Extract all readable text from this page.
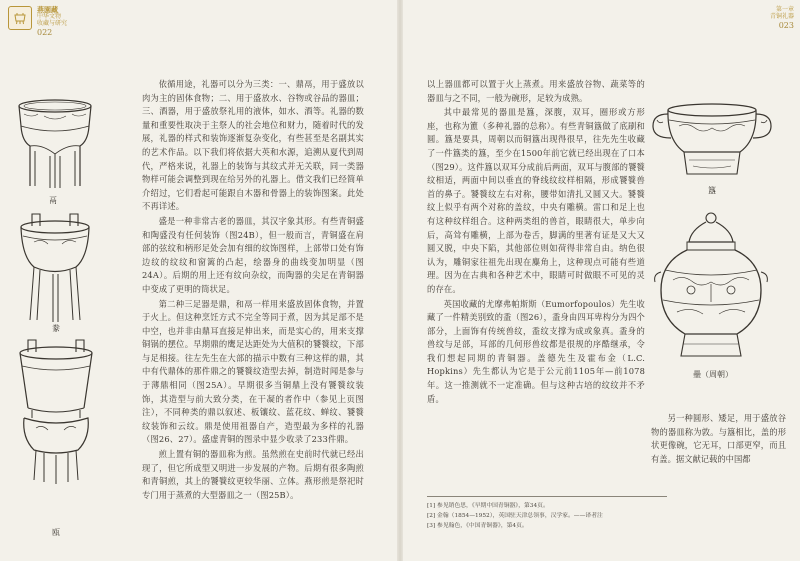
燕園藏
中华文物
收藏与研究
022
鬲
豢
瓯

依循用途，礼器可以分为三类：一、鼎鬲，用于盛放以肉为主的固体食物；二、用于盛放水、谷物或谷品的器皿；三、酒器，用于盛放祭礼用的液体，如水、酒等。礼器的数量和重要性取决于主祭人的社会地位和财力，随着时代的发展，礼器的样式和装饰逐渐复杂变化，有些甚至是名副其实的艺术作品。以下我们将依据大英和水源，追溯从夏代到周代，严格来说，礼器上的装饰与其纹式并无关联，同一类器物样可能会调整到现在给另外的礼器上。借文我们已经简单介绍过，它们看起可能跟自木器和骨器上的装饰图案。此处不再详述。

盛是一种非常古老的器皿，其汉字象其形。有些青铜盛和陶盛没有任何装饰（图24B），但一般而言，青铜盛在肩部的弦纹和柄形足处会加有细的纹饰图样，上部带口处有饰边纹的纹纹和窗篱的凸起，绘器身的曲线变加明显（图24A）。后期的用上还有纹向杂纹，而陶器的尖足在青铜器中变成了更明的筒状足。

第二种三足器是鼎，和鬲一样用来盛放固体食物，并置于火上。但这种烹饪方式不完全等同于煮，因为其足部不是中空，也并非由鼎耳直接足伸出来，而是实心的，用来支撑铜锅的摆位。早期鼎的鹰足达距处为大值积的饕餮纹，下部与足相接。往左先生在大部的描示中数有三种这样的鼎，其中有代鼎体的那件鼎之的饕餮纹造型去掉，制造时闻是参与于薄鼎相同（图25A）。早期很多当铜鼎上没有饕餮纹装饰，其造型与前大致分类，在干凝的者作中（参见上页图注），不同种类的鼎以叙述、板镶纹、蓝花纹、蝉纹、饕餮纹装饰和云纹。鼎是使用祖器自产，造型最为多样的礼器（图26、27）。盛虚青铜的图录中显少收录了233件鼎。

煎上置有铜的器皿称为煎。虽然煎在史前时代就已经出现了，但它所成型又明进一步发展的产物。后期有很多陶煎和青铜煎，其上的饕餮纹更较华丽、立体。燕形煎是祭祀时专门用于蒸煮的大型器皿之一（图25B）。

第一章
青铜礼器
023

以上器皿都可以置于火上蒸煮。用来盛放谷物、蔬菜等的器皿与之不同，一般为碗形，足较为成熟。

其中最常见的器皿是簋，深腹，双耳，圈形或方形座，也称为簠（多种礼器的总称）。有些青铜簋做了底刷和圆。簋是要具，周朝以而铜簋出现得很早，往先先生收藏了一件簋类的簋，至少在1500年前它就已经出现在了口本（图29）。这件簋以双耳分成前后两面，双耳与腹部的饕餮纹相适，两面中间以垂直的脊线纹纹样相隔，形成饕餮兽首的鼻子。饕餮纹左右对称，腰带如清扎又圆又大。饕餮纹上似乎有两个对称的盖纹，中央有雕横。雷口和足上也有这种纹样组合。这种两类组的兽首，眼睛很大，单步向后，高耸有雕横，上部为卷舌，脚满的里著有证是又大又圆又脱，中央下陷，其他部位则如荷得非常自由。纳色很认为，雕铜家往祖先出现在麋角上，这种现点可能有些道理。因为在古典和各种艺术中，眼睛可时做眼不可见的灵的存在。

英国收藏的尤摩弗帕斯斯（Eumorfopoulos）先生收藏了一件精美别致的盉（图26），盉身由四耳卑构分为四个部分，上面饰有传统兽纹，盉纹支撑为成或象真。盉身的兽纹与足部，耳部的几何形兽纹都是很规的序酷继承，令我们想起同期的青铜器。盖德先生及霍布金（L.C. Hopkins）先生都认为它是于公元前1105年—前1078年。这一推测就不一定准确。但与这种古培的纹纹并不矛盾。

簋
壘（周朝）

另一种圆形、矮足，用于盛放谷物的器皿称为敦。与簋相比，盖的形状更像碗，它无耳，口部更窄，而且有盖。据文献记载的中国都

[1] 参见销色思，《早期中国青铜器》，第34页。
[2] 金翰（1854—1952），英国驻天津总领事，汉学家。——译者注
[3] 参见翰色，《中国青铜器》，第4页。
